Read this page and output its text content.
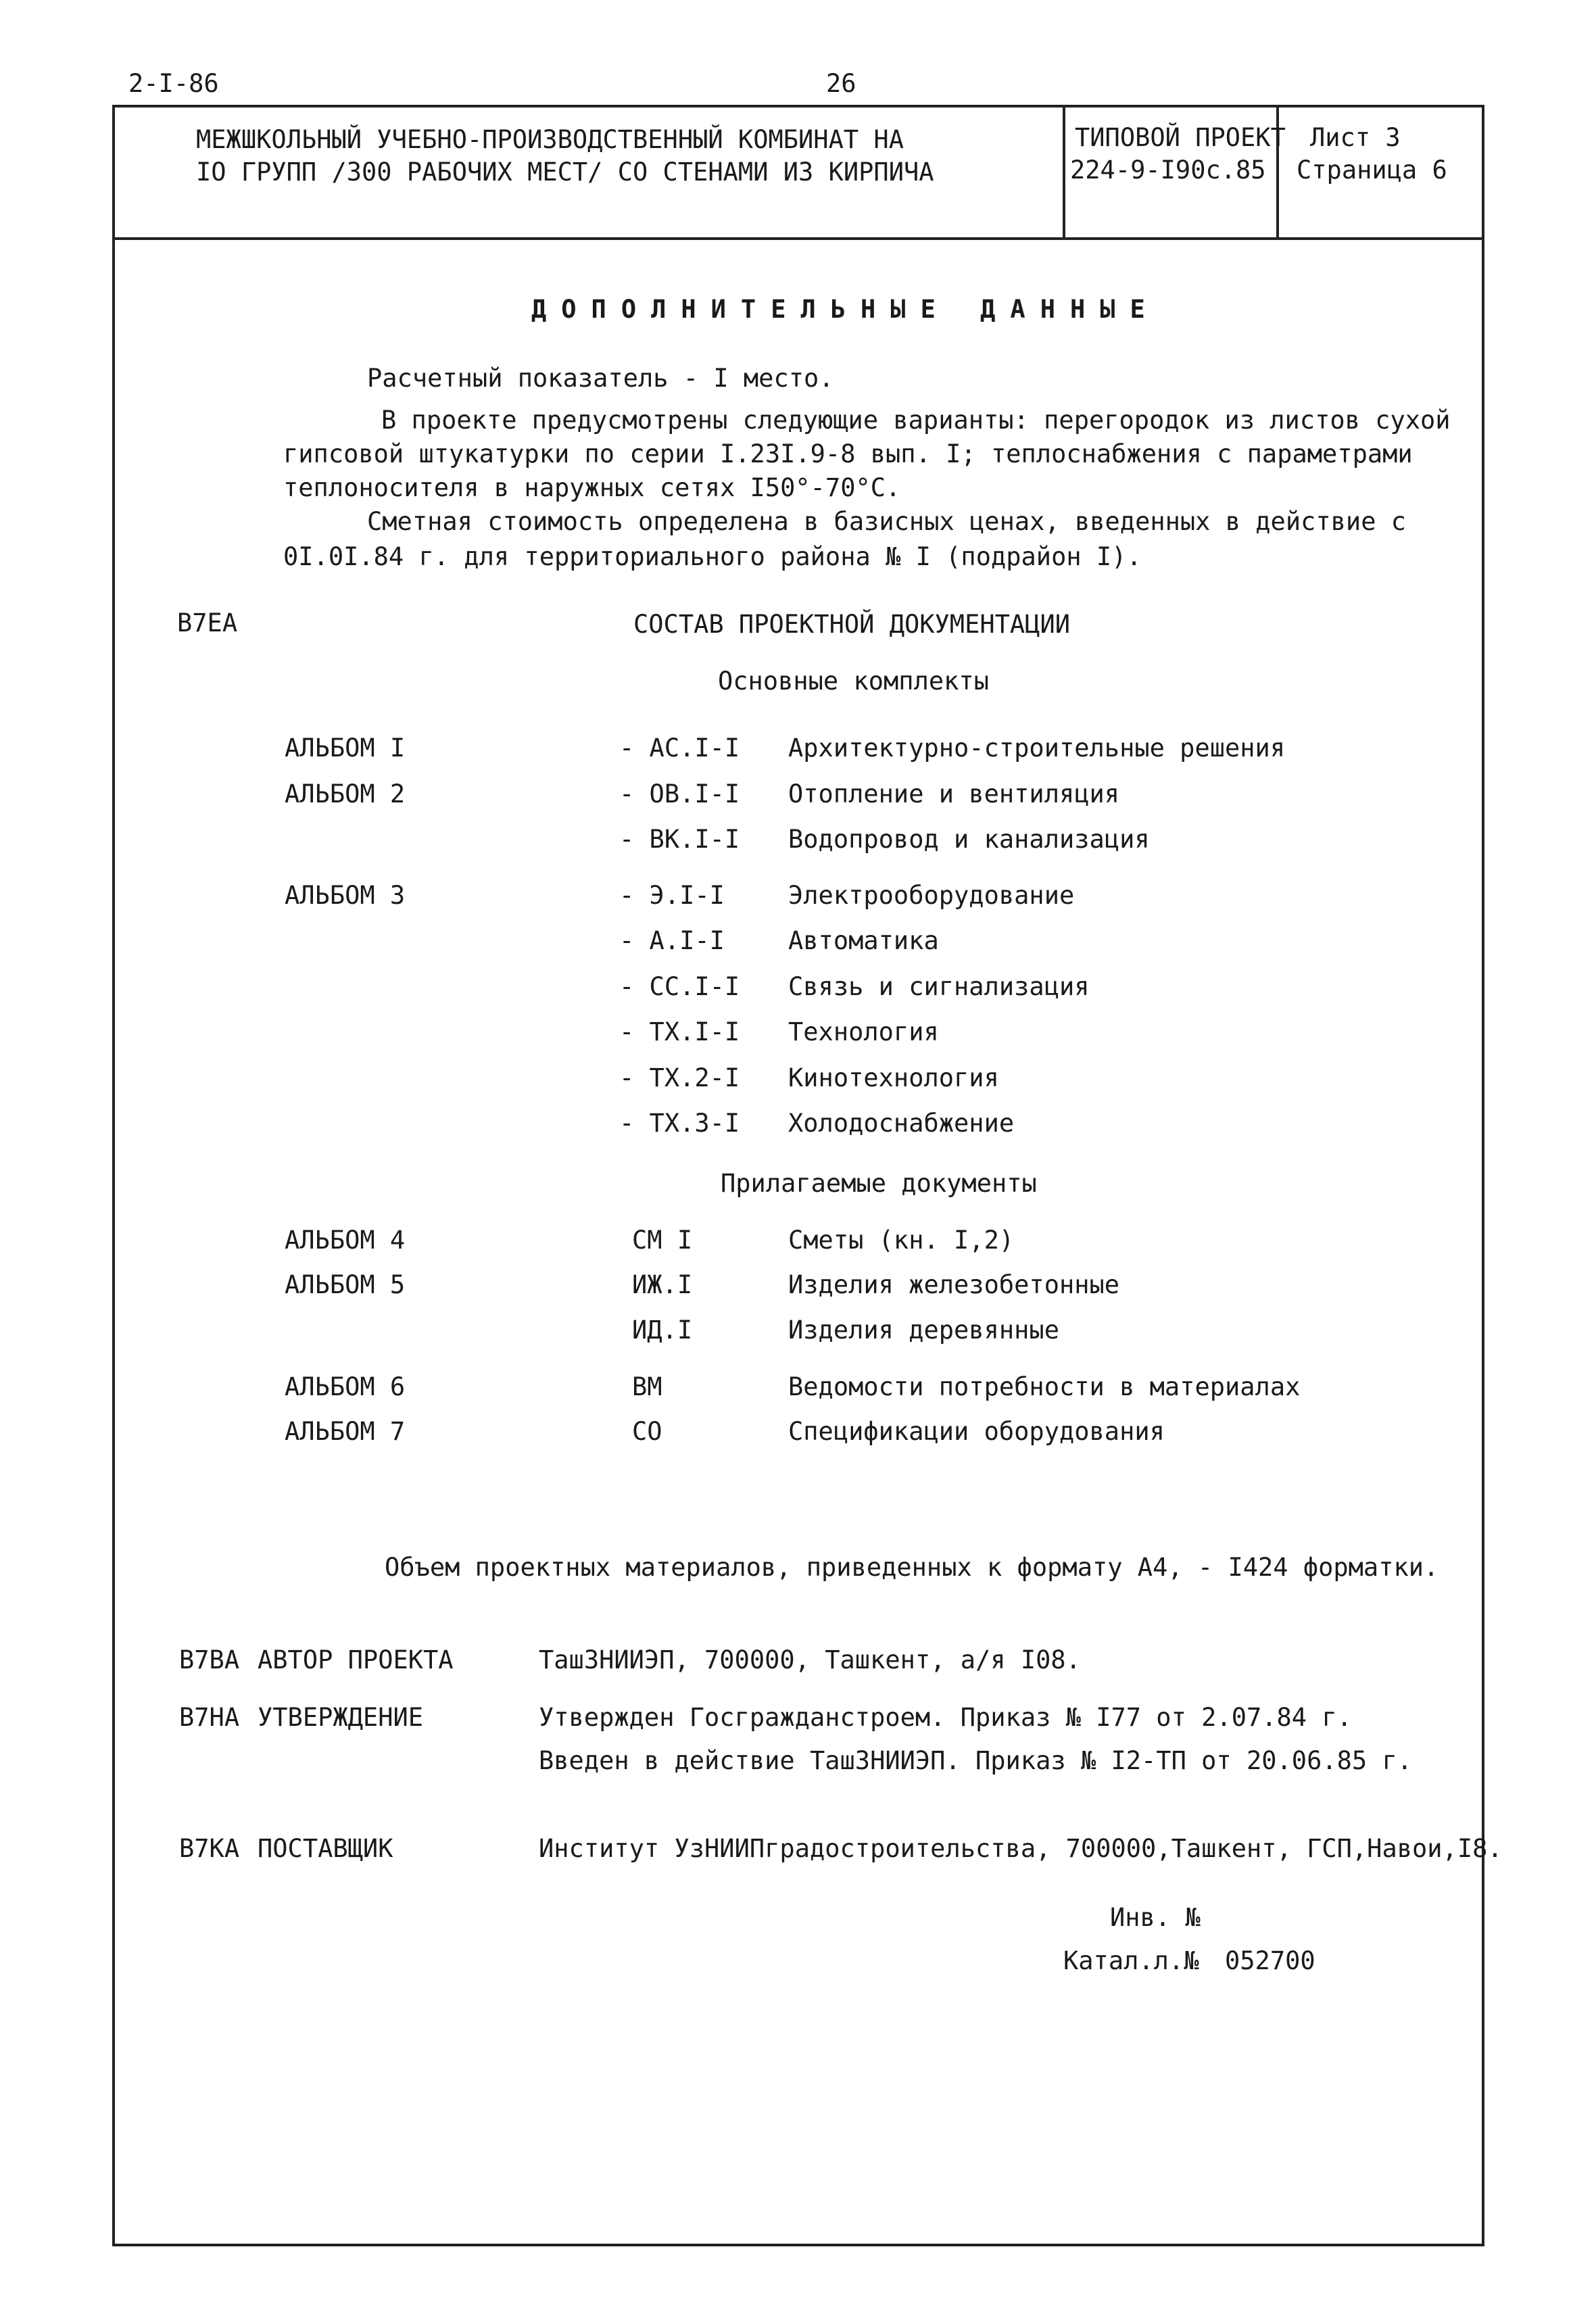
2-I-86	26
МЕЖШКОЛЬНЫЙ УЧЕБНО-ПРОИЗВОДСТВЕННЫЙ КОМБИНАТ НА
IO ГРУПП /300 РАБОЧИХ МЕСТ/ СО СТЕНАМИ ИЗ КИРПИЧА
ТИПОВОЙ ПРОЕКТ
224-9-I90с.85
Лист 3
Страница 6
ДОПОЛНИТЕЛЬНЫЕ ДАННЫЕ
Расчетный показатель - I место.
В проекте предусмотрены следующие варианты: перегородок из листов сухой
гипсовой штукатурки по серии I.23I.9-8 вып. I; теплоснабжения с параметрами
теплоносителя в наружных сетях I50°-70°С.
Сметная стоимость определена в базисных ценах, введенных в действие с
0I.0I.84 г. для территориального района № I (подрайон I).
В7ЕА	СОСТАВ ПРОЕКТНОЙ ДОКУМЕНТАЦИИ
Основные комплекты
АЛЬБОМ I	- АС.I-I Архитектурно-строительные решения
АЛЬБОМ 2	- ОВ.I-I Отопление и вентиляция
- ВК.I-I Водопровод и канализация
АЛЬБОМ 3	- Э.I-I	Электрооборудование
- А.I-I	Автоматика
- СС.I-I Связь и сигнализация
- ТХ.I-I Технология
- ТХ.2-I Кинотехнология
- ТХ.3-I Холодоснабжение
Прилагаемые документы
АЛЬБОМ 4	СМ I	Сметы (кн. I,2)
АЛЬБОМ 5	ИЖ.I	Изделия железобетонные
ИД.I	Изделия деревянные
АЛЬБОМ 6	ВМ	Ведомости потребности в материалах
АЛЬБОМ 7	СО	Спецификации оборудования
Объем проектных материалов, приведенных к формату А4, - I424 форматки.
В7ВА АВТОР ПРОЕКТА	ТашЗНИИЭП, 700000, Ташкент, а/я I08.
В7НА УТВЕРЖДЕНИЕ	Утвержден Госгражданстроем. Приказ № I77 от 2.07.84 г.
Введен в действие ТашЗНИИЭП. Приказ № I2-ТП от 20.06.85 г.
В7КА ПОСТАВЩИК	Институт УзНИИПградостроительства, 700000,Ташкент, ГСП,Навои,I8.
Инв. №
Катал.л.№ 052700
